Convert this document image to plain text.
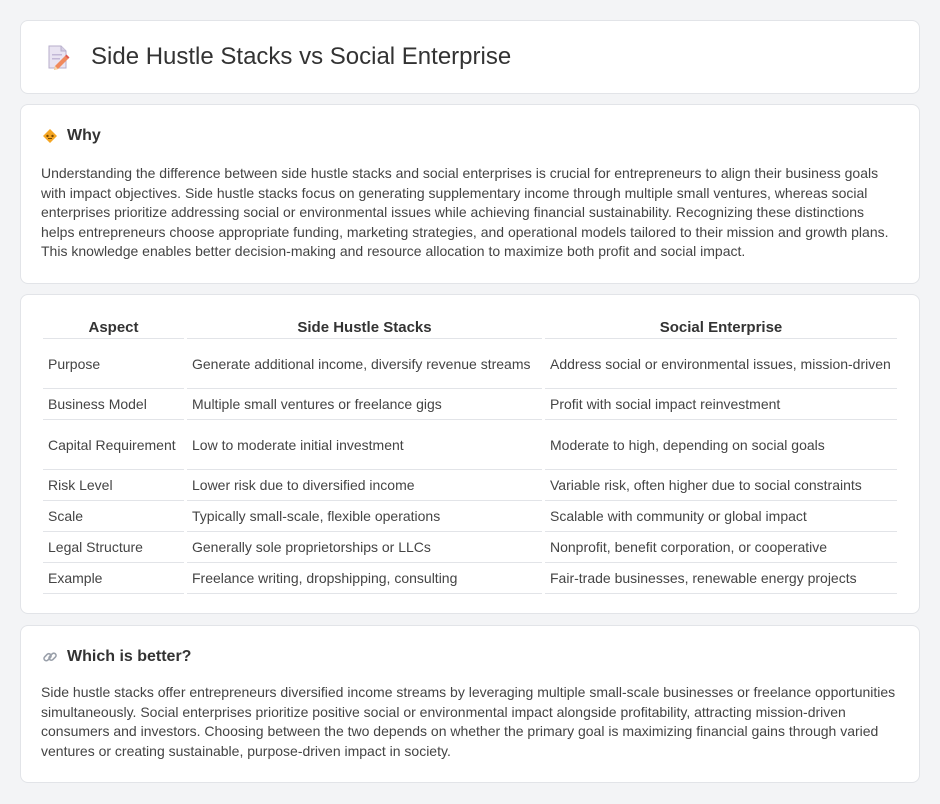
Side Hustle Stacks vs Social Enterprise
Why

Understanding the difference between side hustle stacks and social enterprises is crucial for entrepreneurs to align their business goals with impact objectives. Side hustle stacks focus on generating supplementary income through multiple small ventures, whereas social enterprises prioritize addressing social or environmental issues while achieving financial sustainability. Recognizing these distinctions helps entrepreneurs choose appropriate funding, marketing strategies, and operational models tailored to their mission and growth plans. This knowledge enables better decision-making and resource allocation to maximize both profit and social impact.

Aspect	Side Hustle Stacks	Social Enterprise
Purpose	Generate additional income, diversify revenue streams	Address social or environmental issues, mission-driven
Business Model	Multiple small ventures or freelance gigs	Profit with social impact reinvestment
Capital Requirement	Low to moderate initial investment	Moderate to high, depending on social goals
Risk Level	Lower risk due to diversified income	Variable risk, often higher due to social constraints
Scale	Typically small-scale, flexible operations	Scalable with community or global impact
Legal Structure	Generally sole proprietorships or LLCs	Nonprofit, benefit corporation, or cooperative
Example	Freelance writing, dropshipping, consulting	Fair-trade businesses, renewable energy projects
Which is better?

Side hustle stacks offer entrepreneurs diversified income streams by leveraging multiple small-scale businesses or freelance opportunities simultaneously. Social enterprises prioritize positive social or environmental impact alongside profitability, attracting mission-driven consumers and investors. Choosing between the two depends on whether the primary goal is maximizing financial gains through varied ventures or creating sustainable, purpose-driven impact in society.
